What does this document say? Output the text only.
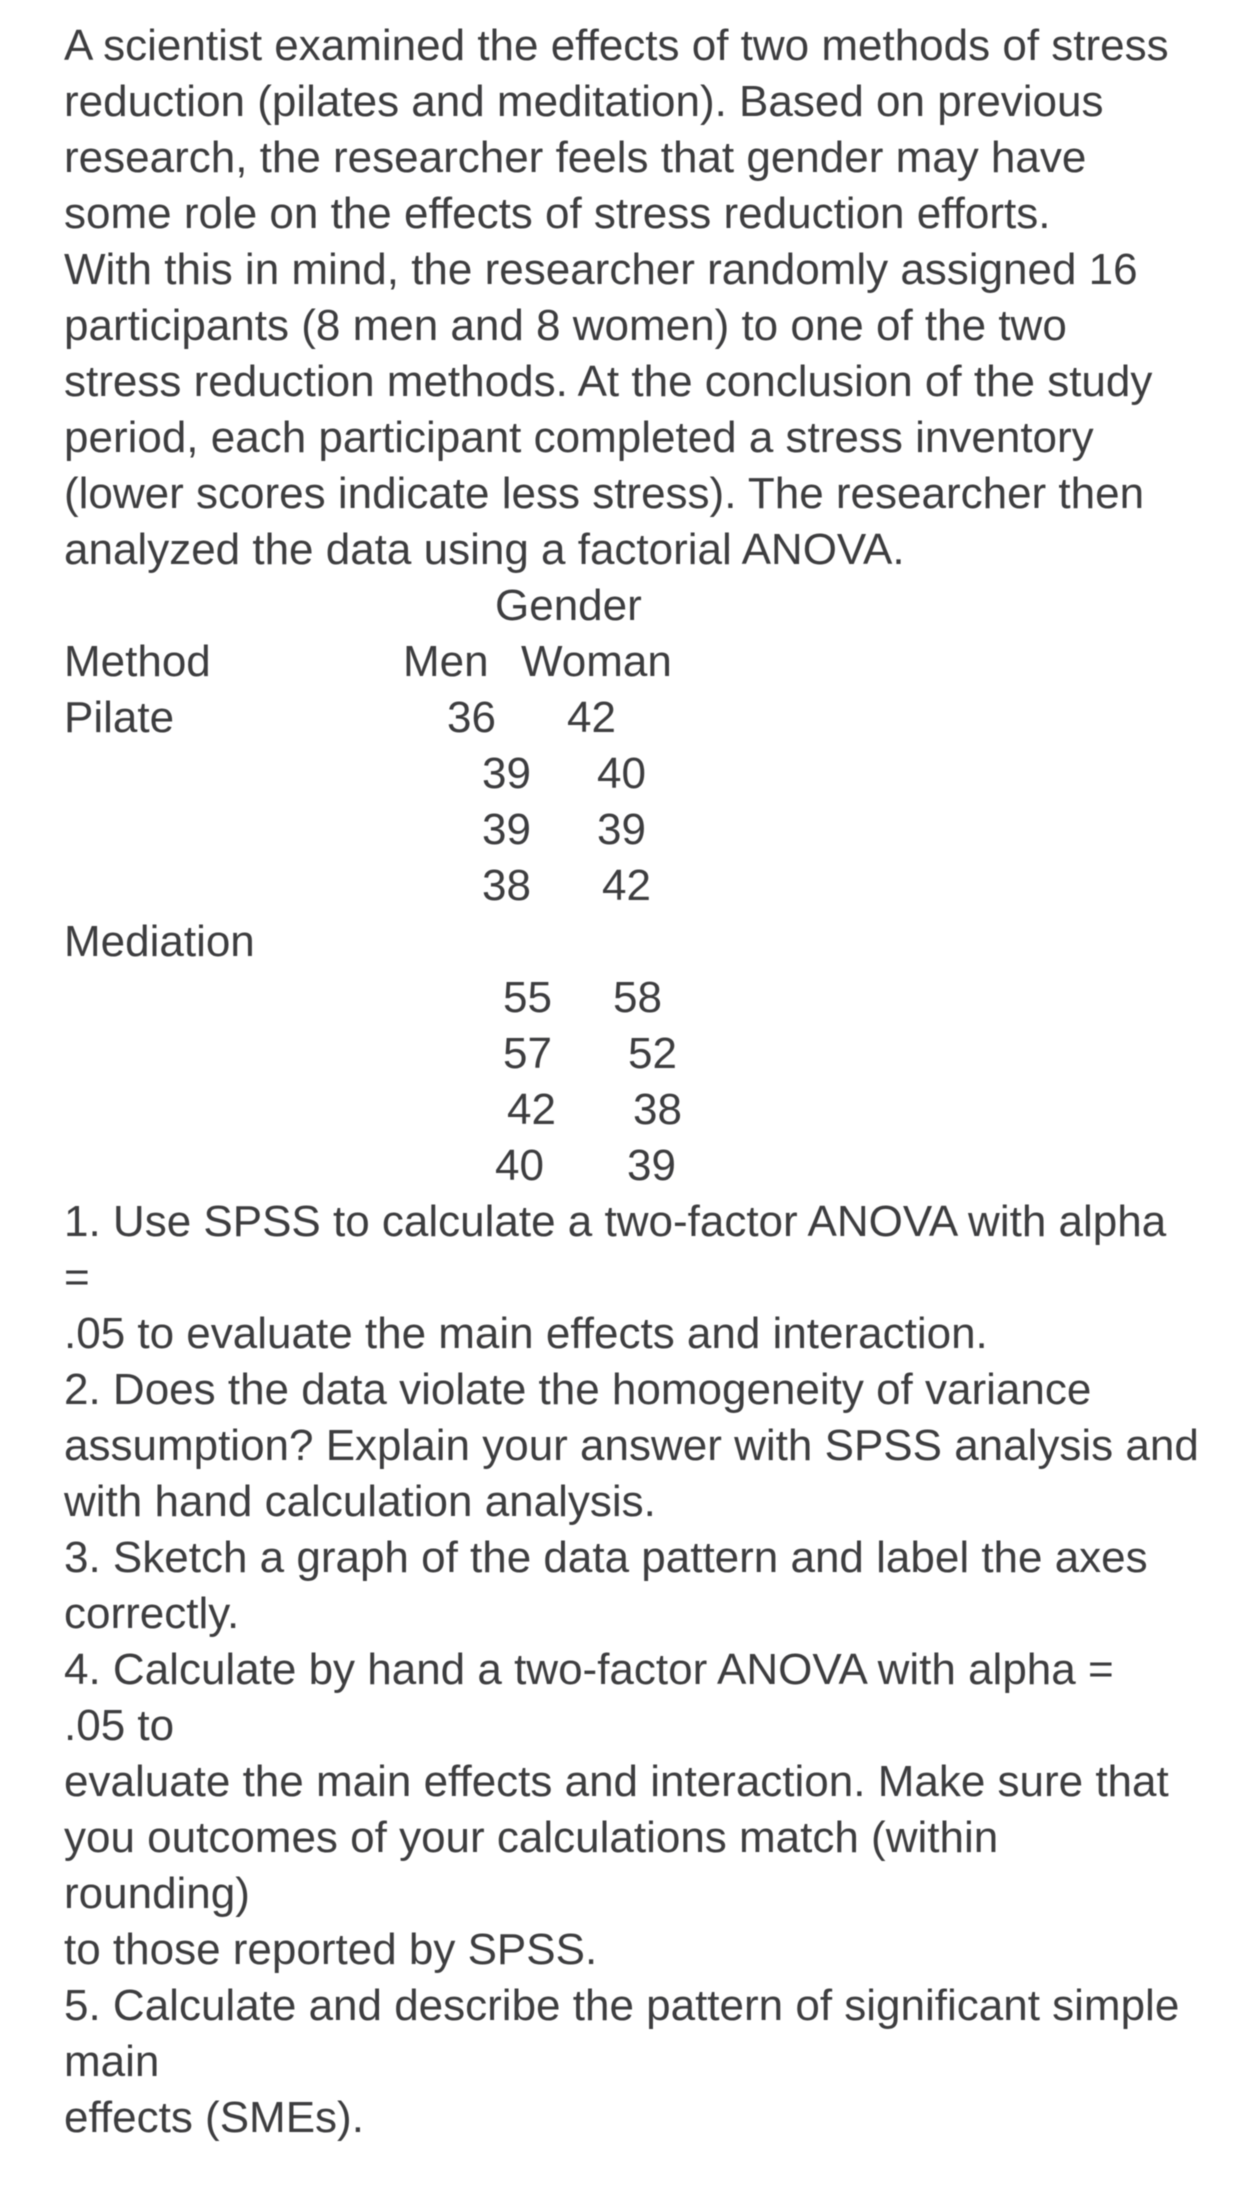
A scientist examined the effects of two methods of stress
reduction (pilates and meditation). Based on previous
research, the researcher feels that gender may have
some role on the effects of stress reduction efforts.
With this in mind, the researcher randomly assigned 16
participants (8 men and 8 women) to one of the two
stress reduction methods. At the conclusion of the study
period, each participant completed a stress inventory
(lower scores indicate less stress). The researcher then
analyzed the data using a factorial ANOVA.
Gender
Method	Men Woman
Pilate	36 42
39 40
39 39
38 42
Mediation
55 58
57 52
42 38
40 39
1. Use SPSS to calculate a two-factor ANOVA with alpha
=
.05 to evaluate the main effects and interaction.
2. Does the data violate the homogeneity of variance
assumption? Explain your answer with SPSS analysis and
with hand calculation analysis.
3. Sketch a graph of the data pattern and label the axes
correctly.
4. Calculate by hand a two-factor ANOVA with alpha =
.05 to
evaluate the main effects and interaction. Make sure that
you outcomes of your calculations match (within
rounding)
to those reported by SPSS.
5. Calculate and describe the pattern of significant simple
main
effects (SMEs).
